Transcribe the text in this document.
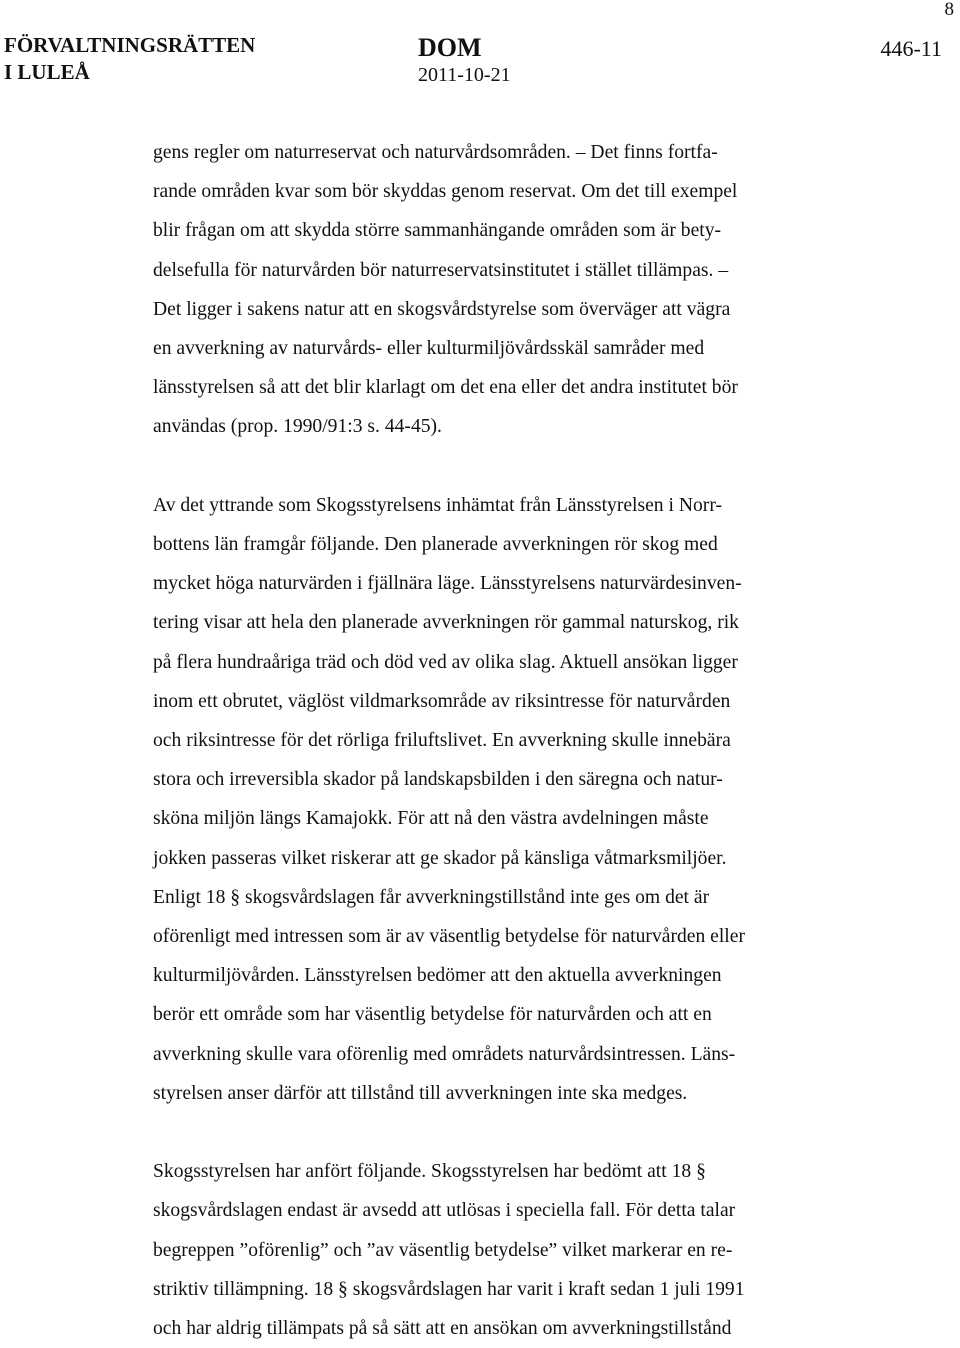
8
FÖRVALTNINGSRÄTTEN
I LULEÅ
DOM
2011-10-21
446-11

gens regler om naturreservat och naturvårdsområden. – Det finns fortfa-
rande områden kvar som bör skyddas genom reservat. Om det till exempel
blir frågan om att skydda större sammanhängande områden som är bety-
delsefulla för naturvården bör naturreservatsinstitutet i stället tillämpas. –
Det ligger i sakens natur att en skogsvårdstyrelse som överväger att vägra
en avverkning av naturvårds- eller kulturmiljövårdsskäl samråder med
länsstyrelsen så att det blir klarlagt om det ena eller det andra institutet bör
användas (prop. 1990/91:3 s. 44-45).

Av det yttrande som Skogsstyrelsens inhämtat från Länsstyrelsen i Norr-
bottens län framgår följande. Den planerade avverkningen rör skog med
mycket höga naturvärden i fjällnära läge. Länsstyrelsens naturvärdesinven-
tering visar att hela den planerade avverkningen rör gammal naturskog, rik
på flera hundraåriga träd och död ved av olika slag. Aktuell ansökan ligger
inom ett obrutet, väglöst vildmarksområde av riksintresse för naturvården
och riksintresse för det rörliga friluftslivet. En avverkning skulle innebära
stora och irreversibla skador på landskapsbilden i den säregna och natur-
sköna miljön längs Kamajokk. För att nå den västra avdelningen måste
jokken passeras vilket riskerar att ge skador på känsliga våtmarksmiljöer.
Enligt 18 § skogsvårdslagen får avverkningstillstånd inte ges om det är
oförenligt med intressen som är av väsentlig betydelse för naturvården eller
kulturmiljövården. Länsstyrelsen bedömer att den aktuella avverkningen
berör ett område som har väsentlig betydelse för naturvården och att en
avverkning skulle vara oförenlig med områdets naturvårdsintressen. Läns-
styrelsen anser därför att tillstånd till avverkningen inte ska medges.

Skogsstyrelsen har anfört följande. Skogsstyrelsen har bedömt att 18 §
skogsvårdslagen endast är avsedd att utlösas i speciella fall. För detta talar
begreppen ”oförenlig” och ”av väsentlig betydelse” vilket markerar en re-
striktiv tillämpning. 18 § skogsvårdslagen har varit i kraft sedan 1 juli 1991
och har aldrig tillämpats på så sätt att en ansökan om avverkningstillstånd
